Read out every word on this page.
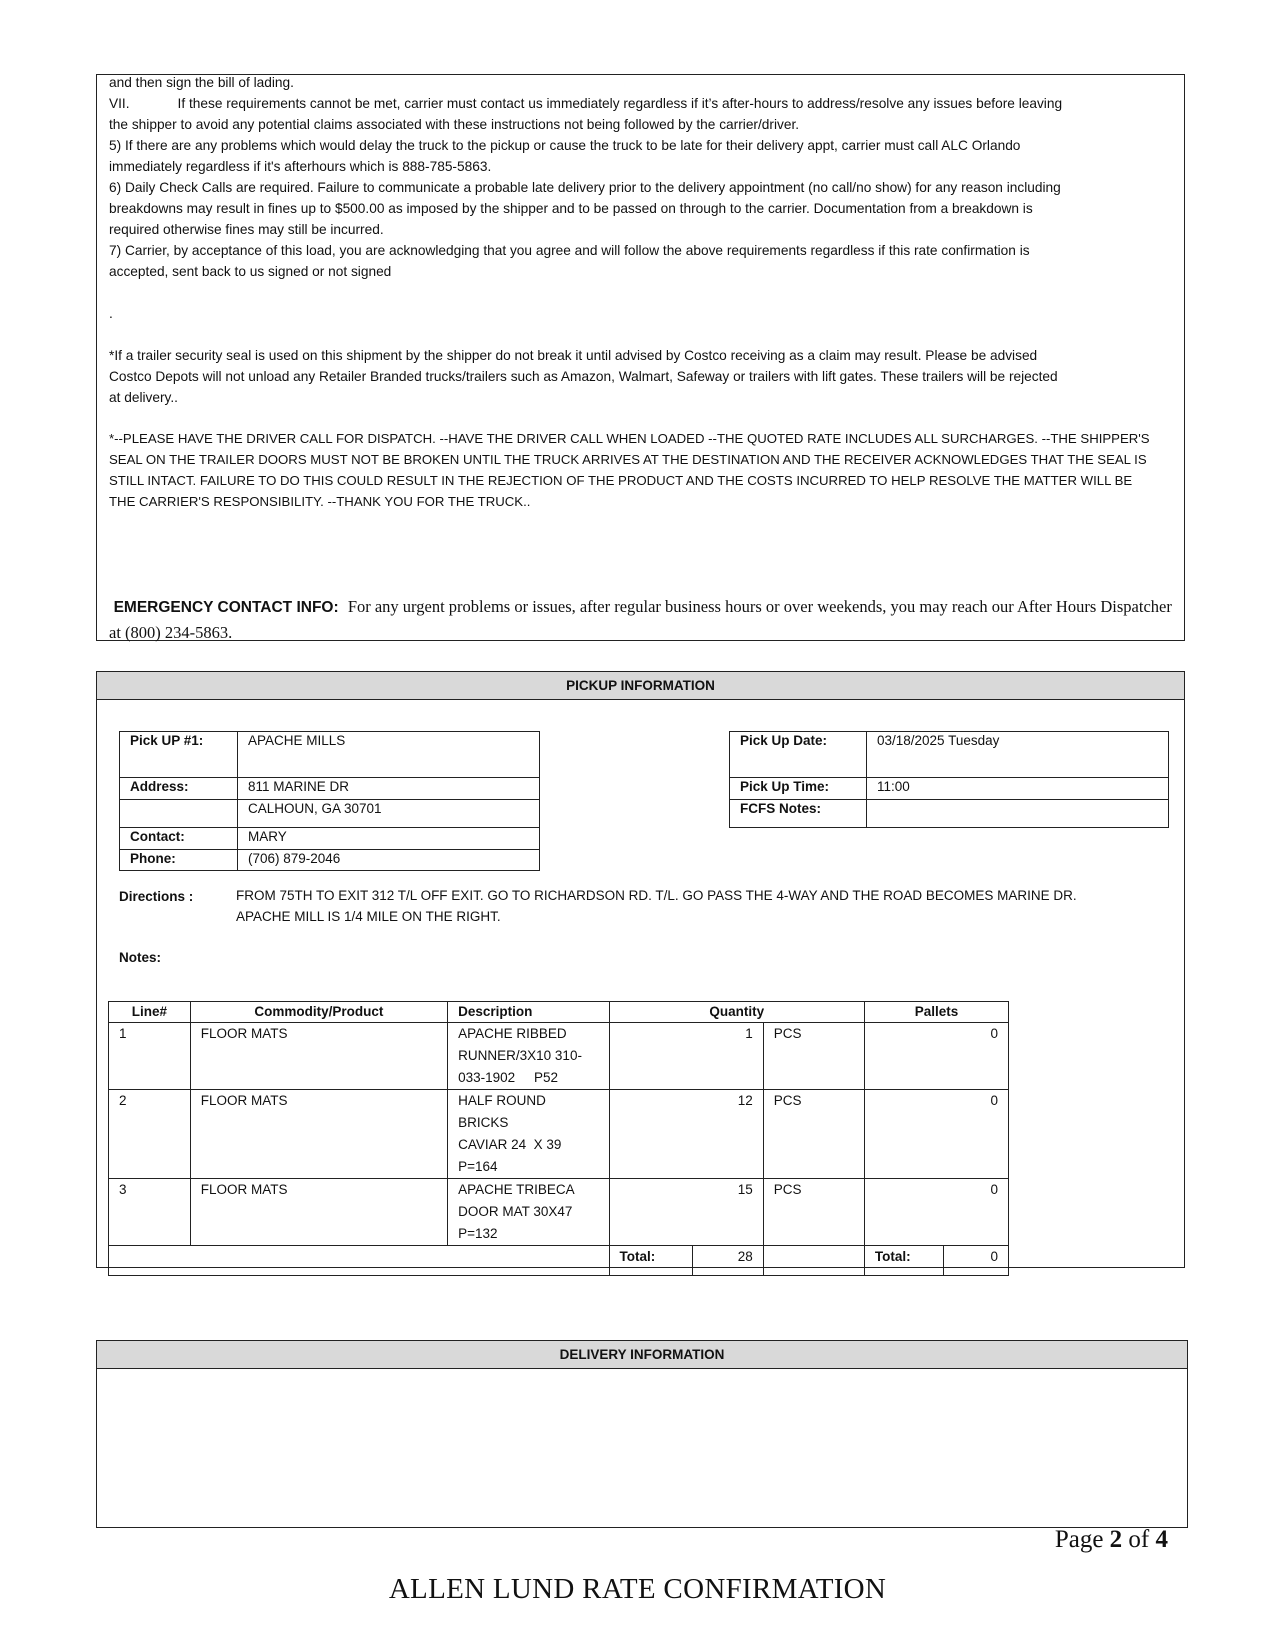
and then sign the bill of lading.
VII.	If these requirements cannot be met, carrier must contact us immediately regardless if it’s after-hours to address/resolve any issues before leaving
the shipper to avoid any potential claims associated with these instructions not being followed by the carrier/driver.
5) If there are any problems which would delay the truck to the pickup or cause the truck to be late for their delivery appt, carrier must call ALC Orlando
immediately regardless if it's afterhours which is 888-785-5863.
6) Daily Check Calls are required. Failure to communicate a probable late delivery prior to the delivery appointment (no call/no show) for any reason including
breakdowns may result in fines up to $500.00 as imposed by the shipper and to be passed on through to the carrier. Documentation from a breakdown is
required otherwise fines may still be incurred.
7) Carrier, by acceptance of this load, you are acknowledging that you agree and will follow the above requirements regardless if this rate confirmation is
accepted, sent back to us signed or not signed
.
*If a trailer security seal is used on this shipment by the shipper do not break it until advised by Costco receiving as a claim may result. Please be advised
Costco Depots will not unload any Retailer Branded trucks/trailers such as Amazon, Walmart, Safeway or trailers with lift gates. These trailers will be rejected
at delivery..
*--PLEASE HAVE THE DRIVER CALL FOR DISPATCH. --HAVE THE DRIVER CALL WHEN LOADED --THE QUOTED RATE INCLUDES ALL SURCHARGES. --THE SHIPPER'S
SEAL ON THE TRAILER DOORS MUST NOT BE BROKEN UNTIL THE TRUCK ARRIVES AT THE DESTINATION AND THE RECEIVER ACKNOWLEDGES THAT THE SEAL IS
STILL INTACT. FAILURE TO DO THIS COULD RESULT IN THE REJECTION OF THE PRODUCT AND THE COSTS INCURRED TO HELP RESOLVE THE MATTER WILL BE
THE CARRIER'S RESPONSIBILITY. --THANK YOU FOR THE TRUCK..
EMERGENCY CONTACT INFO: For any urgent problems or issues, after regular business hours or over weekends, you may reach our After Hours Dispatcher at (800) 234-5863.
PICKUP INFORMATION
Pick UP #1:	APACHE MILLS
Address:	811 MARINE DR
	CALHOUN, GA 30701
Contact:	MARY
Phone:	(706) 879-2046
Pick Up Date:	03/18/2025 Tuesday
Pick Up Time:	11:00
FCFS Notes:	
Directions :	FROM 75TH TO EXIT 312 T/L OFF EXIT. GO TO RICHARDSON RD. T/L. GO PASS THE 4-WAY AND THE ROAD BECOMES MARINE DR.
APACHE MILL IS 1/4 MILE ON THE RIGHT.
Notes:
Line#	Commodity/Product	Description	Quantity			Pallets	
1	FLOOR MATS	APACHE RIBBED
RUNNER/3X10 310-
033-1902     P52	1		PCS	0	
2	FLOOR MATS	HALF ROUND BRICKS
CAVIAR 24  X 39
P=164	12		PCS	0	
3	FLOOR MATS	APACHE TRIBECA
DOOR MAT 30X47
P=132	15		PCS	0	
			Total:	28		Total:	0
DELIVERY INFORMATION
Page 2 of 4
ALLEN LUND RATE CONFIRMATION
